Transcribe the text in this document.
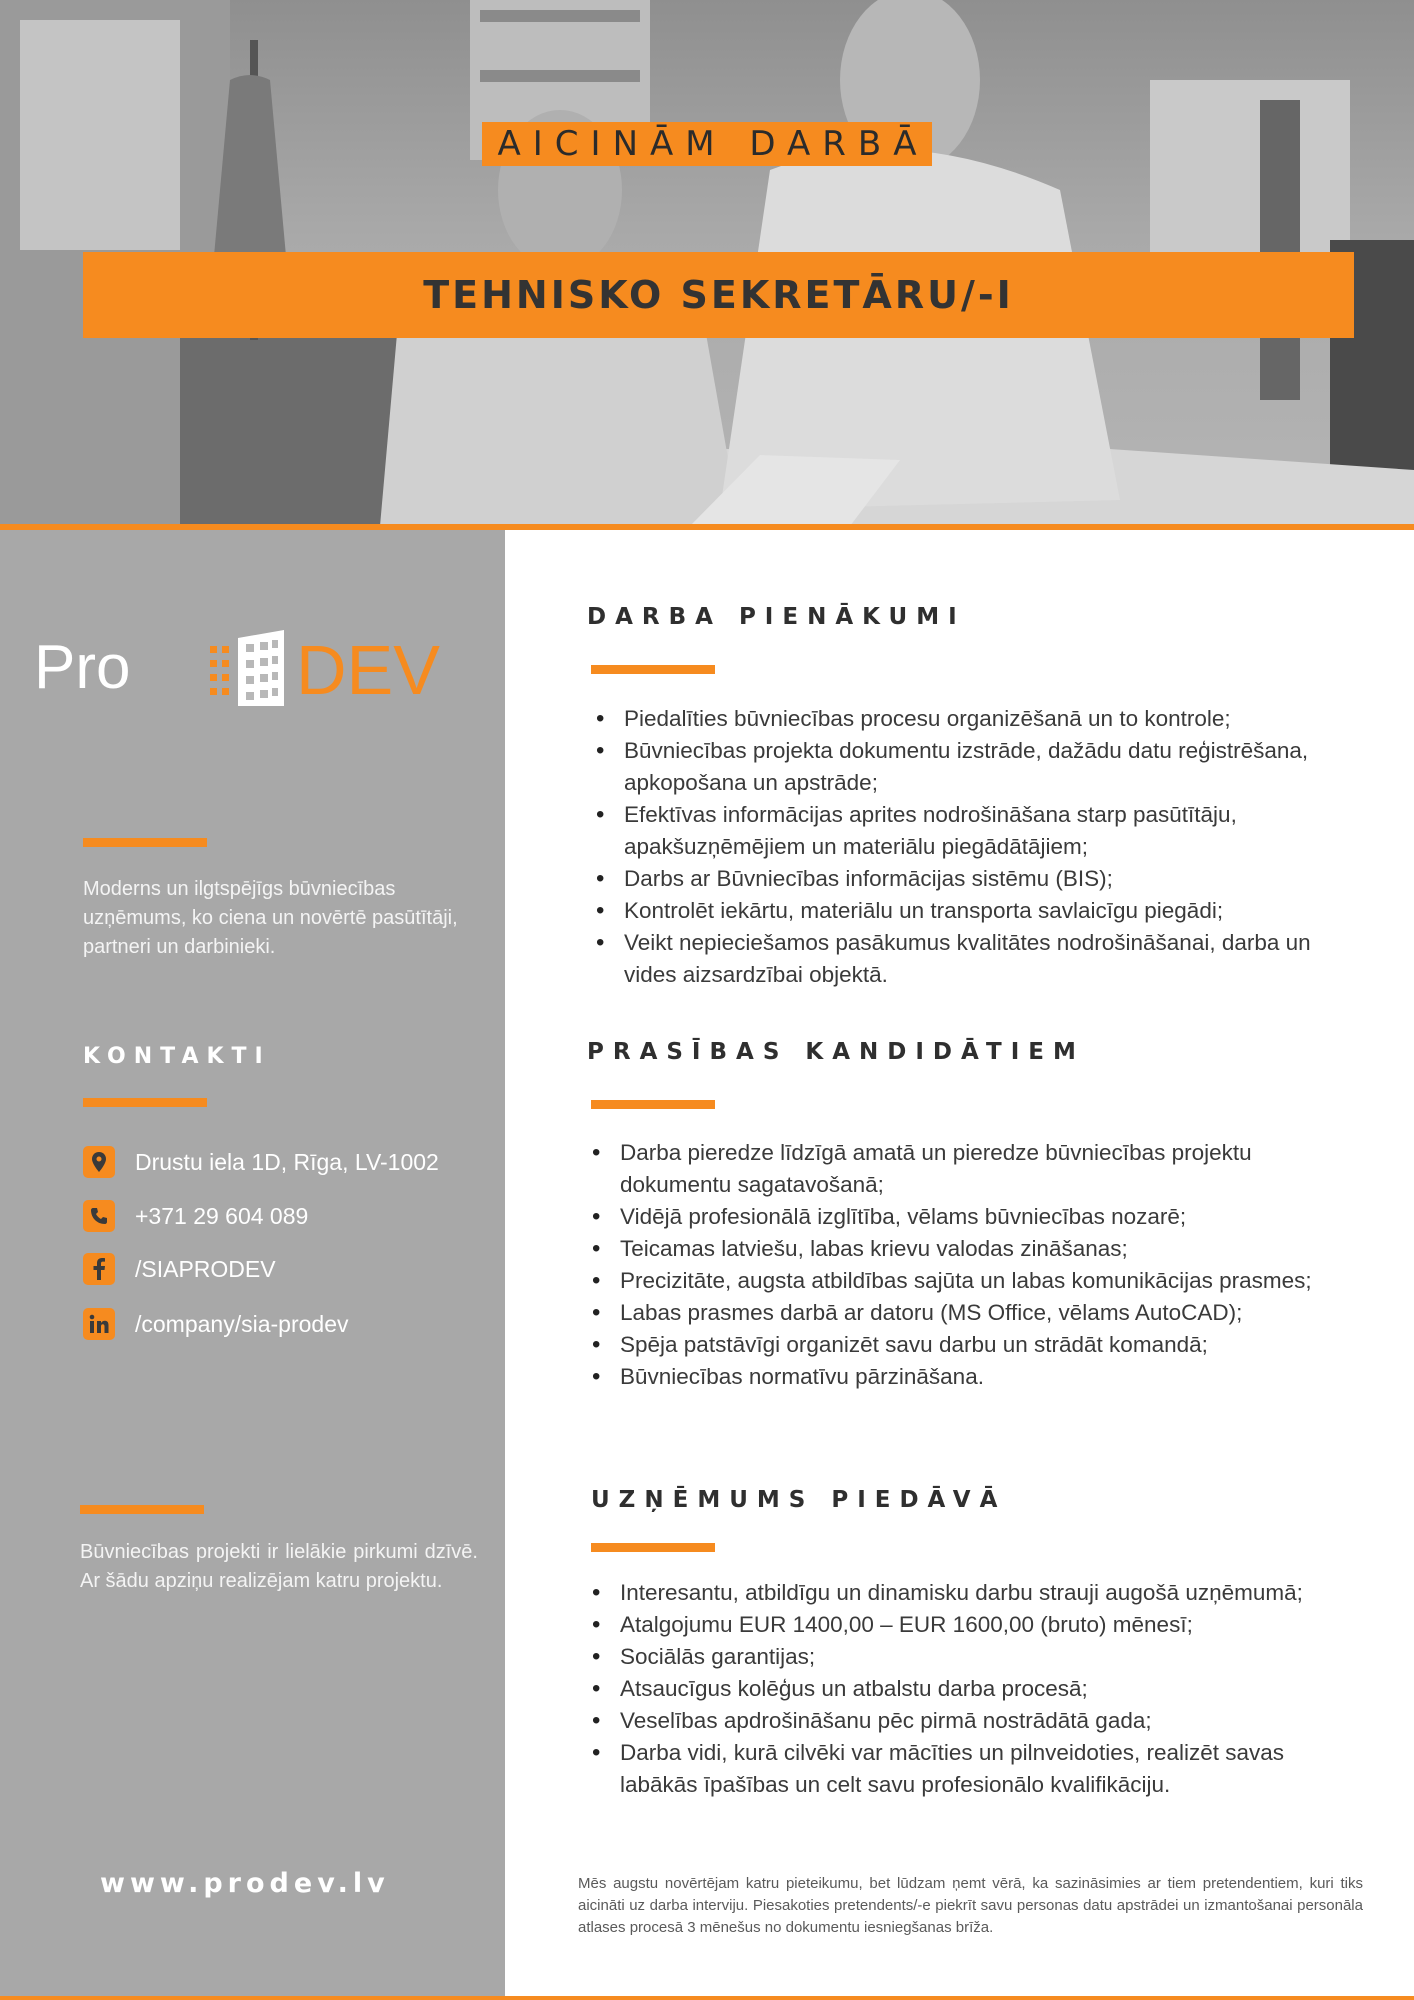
AICINĀM DARBĀ
TEHNISKO SEKRETĀRU/-I
Pro DEV

Moderns un ilgtspējīgs būvniecības uzņēmums, ko ciena un novērtē pasūtītāji, partneri un darbinieki.

KONTAKTI
Drustu iela 1D, Rīga, LV-1002
+371 29 604 089
/SIAPRODEV
/company/sia-prodev

Būvniecības projekti ir lielākie pirkumi dzīvē. Ar šādu apziņu realizējam katru projektu.

www.prodev.lv
DARBA PIENĀKUMI
• Piedalīties būvniecības procesu organizēšanā un to kontrole;
• Būvniecības projekta dokumentu izstrāde, dažādu datu reģistrēšana, apkopošana un apstrāde;
• Efektīvas informācijas aprites nodrošināšana starp pasūtītāju, apakšuzņēmējiem un materiālu piegādātājiem;
• Darbs ar Būvniecības informācijas sistēmu (BIS);
• Kontrolēt iekārtu, materiālu un transporta savlaicīgu piegādi;
• Veikt nepieciešamos pasākumus kvalitātes nodrošināšanai, darba un vides aizsardzībai objektā.
PRASĪBAS KANDIDĀTIEM
• Darba pieredze līdzīgā amatā un pieredze būvniecības projektu dokumentu sagatavošanā;
• Vidējā profesionālā izglītība, vēlams būvniecības nozarē;
• Teicamas latviešu, labas krievu valodas zināšanas;
• Precizitāte, augsta atbildības sajūta un labas komunikācijas prasmes;
• Labas prasmes darbā ar datoru (MS Office, vēlams AutoCAD);
• Spēja patstāvīgi organizēt savu darbu un strādāt komandā;
• Būvniecības normatīvu pārzināšana.
UZŅĒMUMS PIEDĀVĀ
• Interesantu, atbildīgu un dinamisku darbu strauji augošā uzņēmumā;
• Atalgojumu EUR 1400,00 – EUR 1600,00 (bruto) mēnesī;
• Sociālās garantijas;
• Atsaucīgus kolēģus un atbalstu darba procesā;
• Veselības apdrošināšanu pēc pirmā nostrādātā gada;
• Darba vidi, kurā cilvēki var mācīties un pilnveidoties, realizēt savas labākās īpašības un celt savu profesionālo kvalifikāciju.

Mēs augstu novērtējam katru pieteikumu, bet lūdzam ņemt vērā, ka sazināsimies ar tiem pretendentiem, kuri tiks aicināti uz darba interviju. Piesakoties pretendents/-e piekrīt savu personas datu apstrādei un izmantošanai personāla atlases procesā 3 mēnešus no dokumentu iesniegšanas brīža.
